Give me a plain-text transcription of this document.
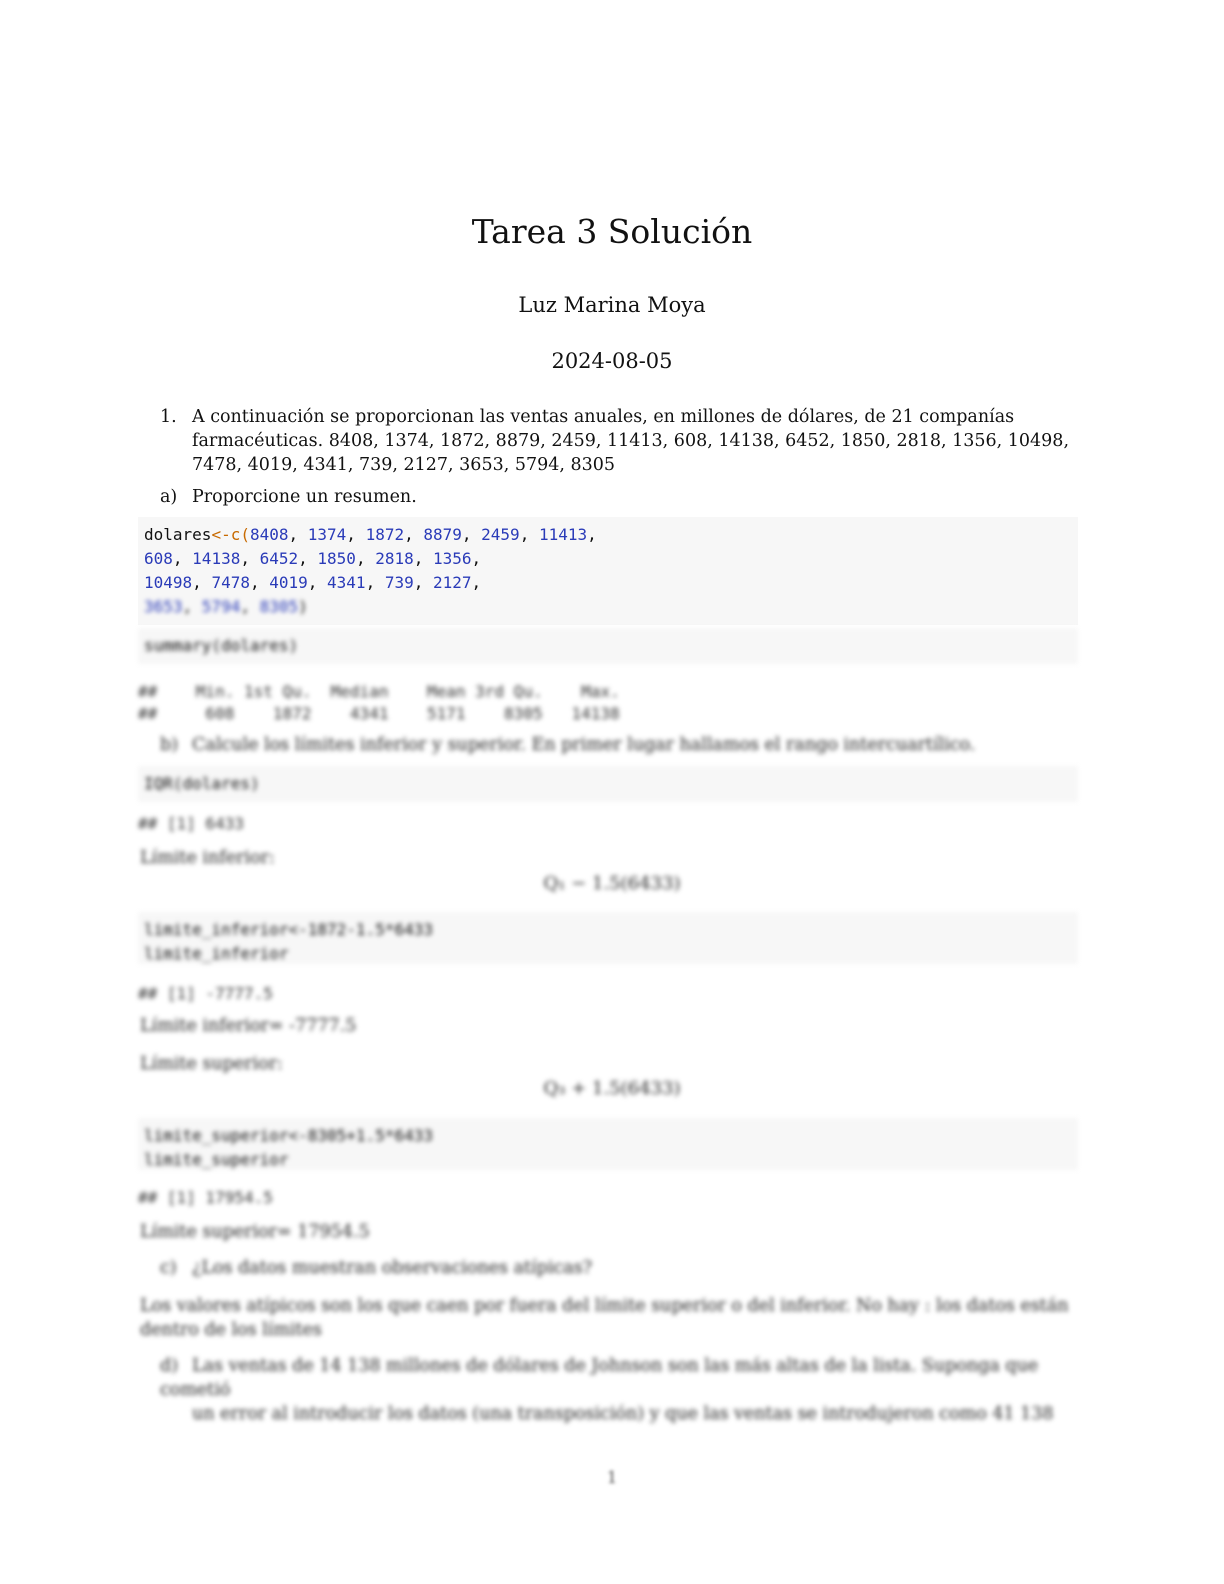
Tarea 3 Solución
Luz Marina Moya
2024-08-05
1. A continuación se proporcionan las ventas anuales, en millones de dólares, de 21 companías farmacéuticas. 8408, 1374, 1872, 8879, 2459, 11413, 608, 14138, 6452, 1850, 2818, 1356, 10498, 7478, 4019, 4341, 739, 2127, 3653, 5794, 8305
a) Proporcione un resumen.
dolares<-c(8408, 1374, 1872, 8879, 2459, 11413,
608, 14138, 6452, 1850, 2818, 1356,
10498, 7478, 4019, 4341, 739, 2127,
3653, 5794, 8305)
summary(dolares)
##    Min. 1st Qu.  Median    Mean 3rd Qu.    Max.
##     608    1872    4341    5171    8305   14138
b) Calcule los límites inferior y superior. En primer lugar hallamos el rango intercuartílico.
IQR(dolares)
## [1] 6433
Límite inferior:
Q₁ − 1.5(6433)
limite_inferior<-1872-1.5*6433
limite_inferior
## [1] -7777.5
Límite inferior= -7777.5
Límite superior:
Q₃ + 1.5(6433)
limite_superior<-8305+1.5*6433
limite_superior
## [1] 17954.5
Límite superior= 17954.5
c) ¿Los datos muestran observaciones atípicas?
Los valores atípicos son los que caen por fuera del límite superior o del inferior. No hay : los datos están dentro de los límites
d) Las ventas de 14 138 millones de dólares de Johnson son las más altas de la lista. Suponga que cometió
un error al introducir los datos (una transposición) y que las ventas se introdujeron como 41 138
1
